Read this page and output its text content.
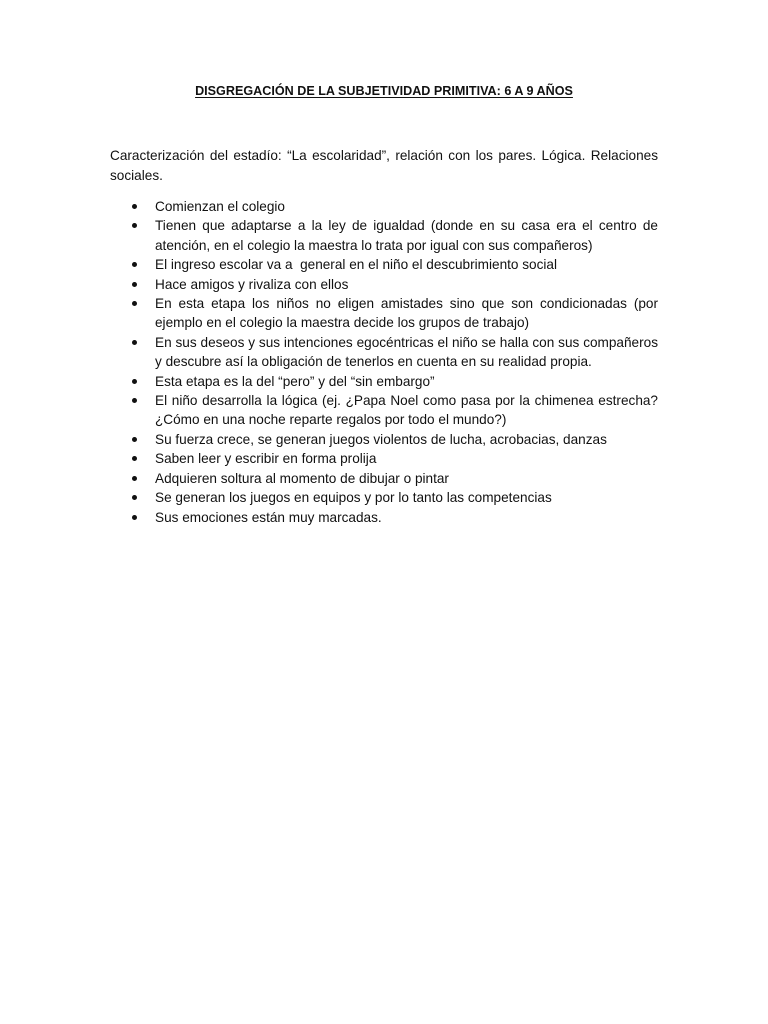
DISGREGACIÓN DE LA SUBJETIVIDAD PRIMITIVA: 6 A 9 AÑOS

Caracterización del estadío: “La escolaridad”, relación con los pares. Lógica. Relaciones sociales.

Comienzan el colegio
Tienen que adaptarse a la ley de igualdad (donde en su casa era el centro de atención, en el colegio la maestra lo trata por igual con sus compañeros)
El ingreso escolar va a  general en el niño el descubrimiento social
Hace amigos y rivaliza con ellos
En esta etapa los niños no eligen amistades sino que son condicionadas (por ejemplo en el colegio la maestra decide los grupos de trabajo)
En sus deseos y sus intenciones egocéntricas el niño se halla con sus compañeros y descubre así la obligación de tenerlos en cuenta en su realidad propia.
Esta etapa es la del “pero” y del “sin embargo”
El niño desarrolla la lógica (ej. ¿Papa Noel como pasa por la chimenea estrecha? ¿Cómo en una noche reparte regalos por todo el mundo?)
Su fuerza crece, se generan juegos violentos de lucha, acrobacias, danzas
Saben leer y escribir en forma prolija
Adquieren soltura al momento de dibujar o pintar
Se generan los juegos en equipos y por lo tanto las competencias
Sus emociones están muy marcadas.
